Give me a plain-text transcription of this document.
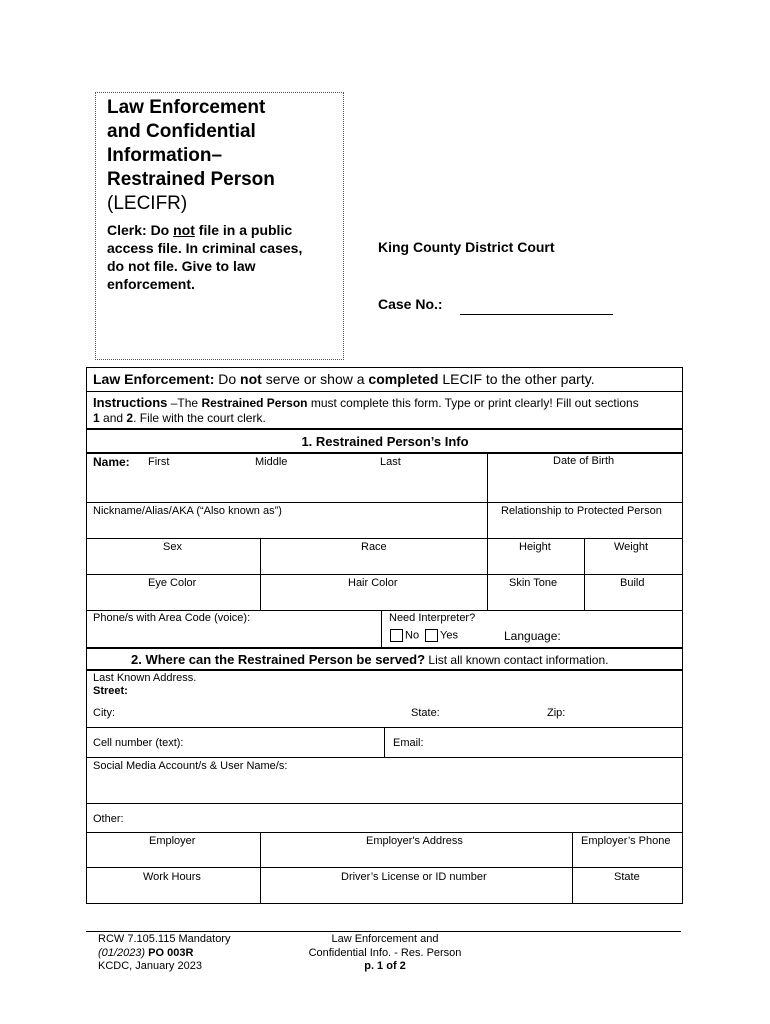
Law Enforcement
and Confidential
Information–
Restrained Person
(LECIFR)
Clerk: Do not file in a public
access file. In criminal cases,
do not file. Give to law
enforcement.
King County District Court
Case No.:
Law Enforcement: Do not serve or show a completed LECIF to the other party.
Instructions –The Restrained Person must complete this form. Type or print clearly! Fill out sections
1 and 2. File with the court clerk.
1. Restrained Person’s Info
Name: First	Middle	Last	Date of Birth
Nickname/Alias/AKA (“Also known as”)	Relationship to Protected Person
Sex	Race	Height	Weight
Eye Color	Hair Color	Skin Tone	Build
Phone/s with Area Code (voice):	Need Interpreter?
No	Yes	Language:
2. Where can the Restrained Person be served? List all known contact information.
Last Known Address.
Street:
City:	State:	Zip:
Cell number (text):	Email:
Social Media Account/s & User Name/s:
Other:
Employer	Employer's Address	Employer’s Phone
Work Hours	Driver’s License or ID number	State
RCW 7.105.115 Mandatory
(01/2023) PO 003R
KCDC, January 2023
Law Enforcement and
Confidential Info. - Res. Person
p. 1 of 2
